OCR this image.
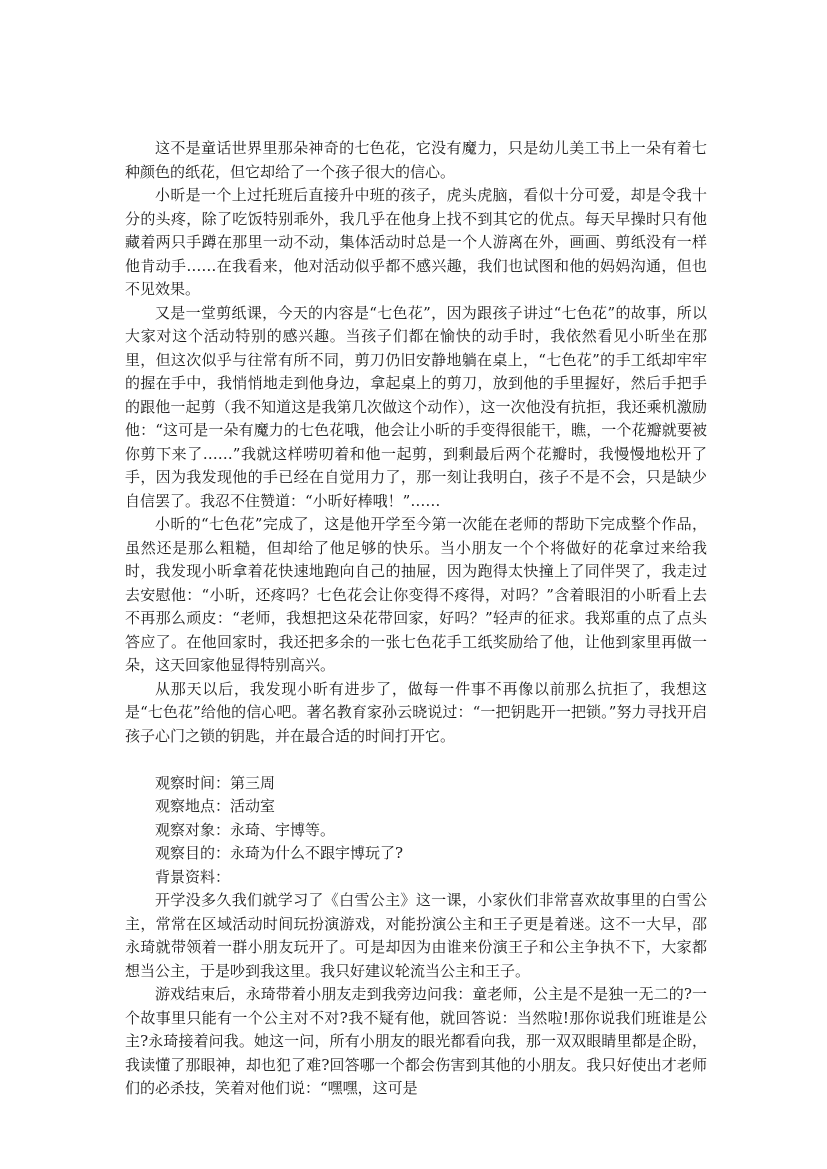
这不是童话世界里那朵神奇的七色花，它没有魔力，只是幼儿美工书上一朵有着七种颜色的纸花，但它却给了一个孩子很大的信心。

小昕是一个上过托班后直接升中班的孩子，虎头虎脑，看似十分可爱，却是令我十分的头疼，除了吃饭特别乖外，我几乎在他身上找不到其它的优点。每天早操时只有他藏着两只手蹲在那里一动不动，集体活动时总是一个人游离在外，画画、剪纸没有一样他肯动手……在我看来，他对活动似乎都不感兴趣，我们也试图和他的妈妈沟通，但也不见效果。

又是一堂剪纸课，今天的内容是“七色花”，因为跟孩子讲过“七色花”的故事，所以大家对这个活动特别的感兴趣。当孩子们都在愉快的动手时，我依然看见小昕坐在那里，但这次似乎与往常有所不同，剪刀仍旧安静地躺在桌上，“七色花”的手工纸却牢牢的握在手中，我悄悄地走到他身边，拿起桌上的剪刀，放到他的手里握好，然后手把手的跟他一起剪（我不知道这是我第几次做这个动作），这一次他没有抗拒，我还乘机激励他：“这可是一朵有魔力的七色花哦，他会让小昕的手变得很能干，瞧，一个花瓣就要被你剪下来了……”我就这样唠叨着和他一起剪，到剩最后两个花瓣时，我慢慢地松开了手，因为我发现他的手已经在自觉用力了，那一刻让我明白，孩子不是不会，只是缺少自信罢了。我忍不住赞道：“小昕好棒哦！”……

小昕的“七色花”完成了，这是他开学至今第一次能在老师的帮助下完成整个作品，虽然还是那么粗糙，但却给了他足够的快乐。当小朋友一个个将做好的花拿过来给我时，我发现小昕拿着花快速地跑向自己的抽屉，因为跑得太快撞上了同伴哭了，我走过去安慰他：“小昕，还疼吗？七色花会让你变得不疼得，对吗？”含着眼泪的小昕看上去不再那么顽皮：“老师，我想把这朵花带回家，好吗？”轻声的征求。我郑重的点了点头答应了。在他回家时，我还把多余的一张七色花手工纸奖励给了他，让他到家里再做一朵，这天回家他显得特别高兴。

从那天以后，我发现小昕有进步了，做每一件事不再像以前那么抗拒了，我想这是“七色花”给他的信心吧。著名教育家孙云晓说过：“一把钥匙开一把锁。”努力寻找开启孩子心门之锁的钥匙，并在最合适的时间打开它。

观察时间：第三周

观察地点：活动室

观察对象：永琦、宇博等。

观察目的：永琦为什么不跟宇博玩了?

背景资料：

开学没多久我们就学习了《白雪公主》这一课，小家伙们非常喜欢故事里的白雪公主，常常在区域活动时间玩扮演游戏，对能扮演公主和王子更是着迷。这不一大早，邵永琦就带领着一群小朋友玩开了。可是却因为由谁来份演王子和公主争执不下，大家都想当公主，于是吵到我这里。我只好建议轮流当公主和王子。

游戏结束后，永琦带着小朋友走到我旁边问我：童老师，公主是不是独一无二的?一个故事里只能有一个公主对不对?我不疑有他，就回答说：当然啦!那你说我们班谁是公主?永琦接着问我。她这一问，所有小朋友的眼光都看向我，那一双双眼睛里都是企盼，我读懂了那眼神，却也犯了难?回答哪一个都会伤害到其他的小朋友。我只好使出才老师们的必杀技，笑着对他们说：“嘿嘿，这可是
